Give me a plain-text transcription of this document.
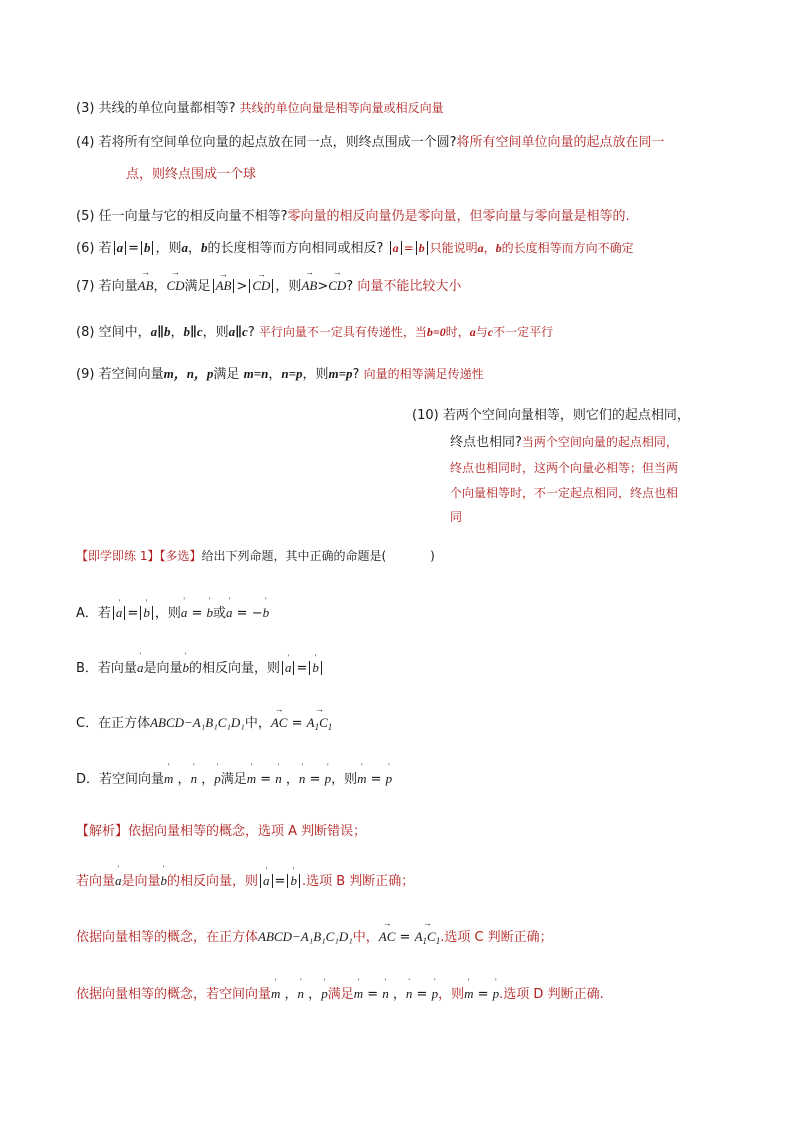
(3) 共线的单位向量都相等? 共线的单位向量是相等向量或相反向量
(4) 若将所有空间单位向量的起点放在同一点，则终点围成一个圆?将所有空间单位向量的起点放在同一
点，则终点围成一个球
(5) 任一向量与它的相反向量不相等?零向量的相反向量仍是零向量，但零向量与零向量是相等的.
(6) 若 a = b ，则a，b的长度相等而方向相同或相反? a = b 只能说明a，b的长度相等而方向不确定
(7) 若向量→ AB，→ CD满足 → AB > → CD ，则→ AB>→ CD? 向量不能比较大小
(8) 空间中，a∥b，b∥c，则a∥c? 平行向量不一定具有传递性，当b=0时，a与c不一定平行
(9) 若空间向量m，n，p满足 m=n，n=p，则m=p? 向量的相等满足传递性
(10) 若两个空间向量相等，则它们的起点相同，
终点也相同?当两个空间向量的起点相同，
终点也相同时，这两个向量必相等；但当两
个向量相等时，不一定起点相同，终点也相
同
【即学即练 1】【多选】给出下列命题，其中正确的命题是(	)
A．若 ' a = ' b ，则' a = ' b或' a = −' b
B．若向量' a是向量' b的相反向量，则 ' a = ' b
C．在正方体ABCD−A₁B₁C₁D₁中，→ AC = → $A_1C_1$
D．若空间向量' m ，' n ，' p满足' m = ' n ，' n = ' p，则' m = ' p
【解析】依据向量相等的概念，选项 A 判断错误；
若向量' a是向量' b的相反向量，则 ' a = ' b .选项 B 判断正确；
依据向量相等的概念，在正方体ABCD−A₁B₁C₁D₁中，→ AC = → $A_1C_1$.选项 C 判断正确；
依据向量相等的概念，若空间向量' m ，' n ，' p满足' m = ' n ，' n = ' p，则' m = ' p.选项 D 判断正确.
